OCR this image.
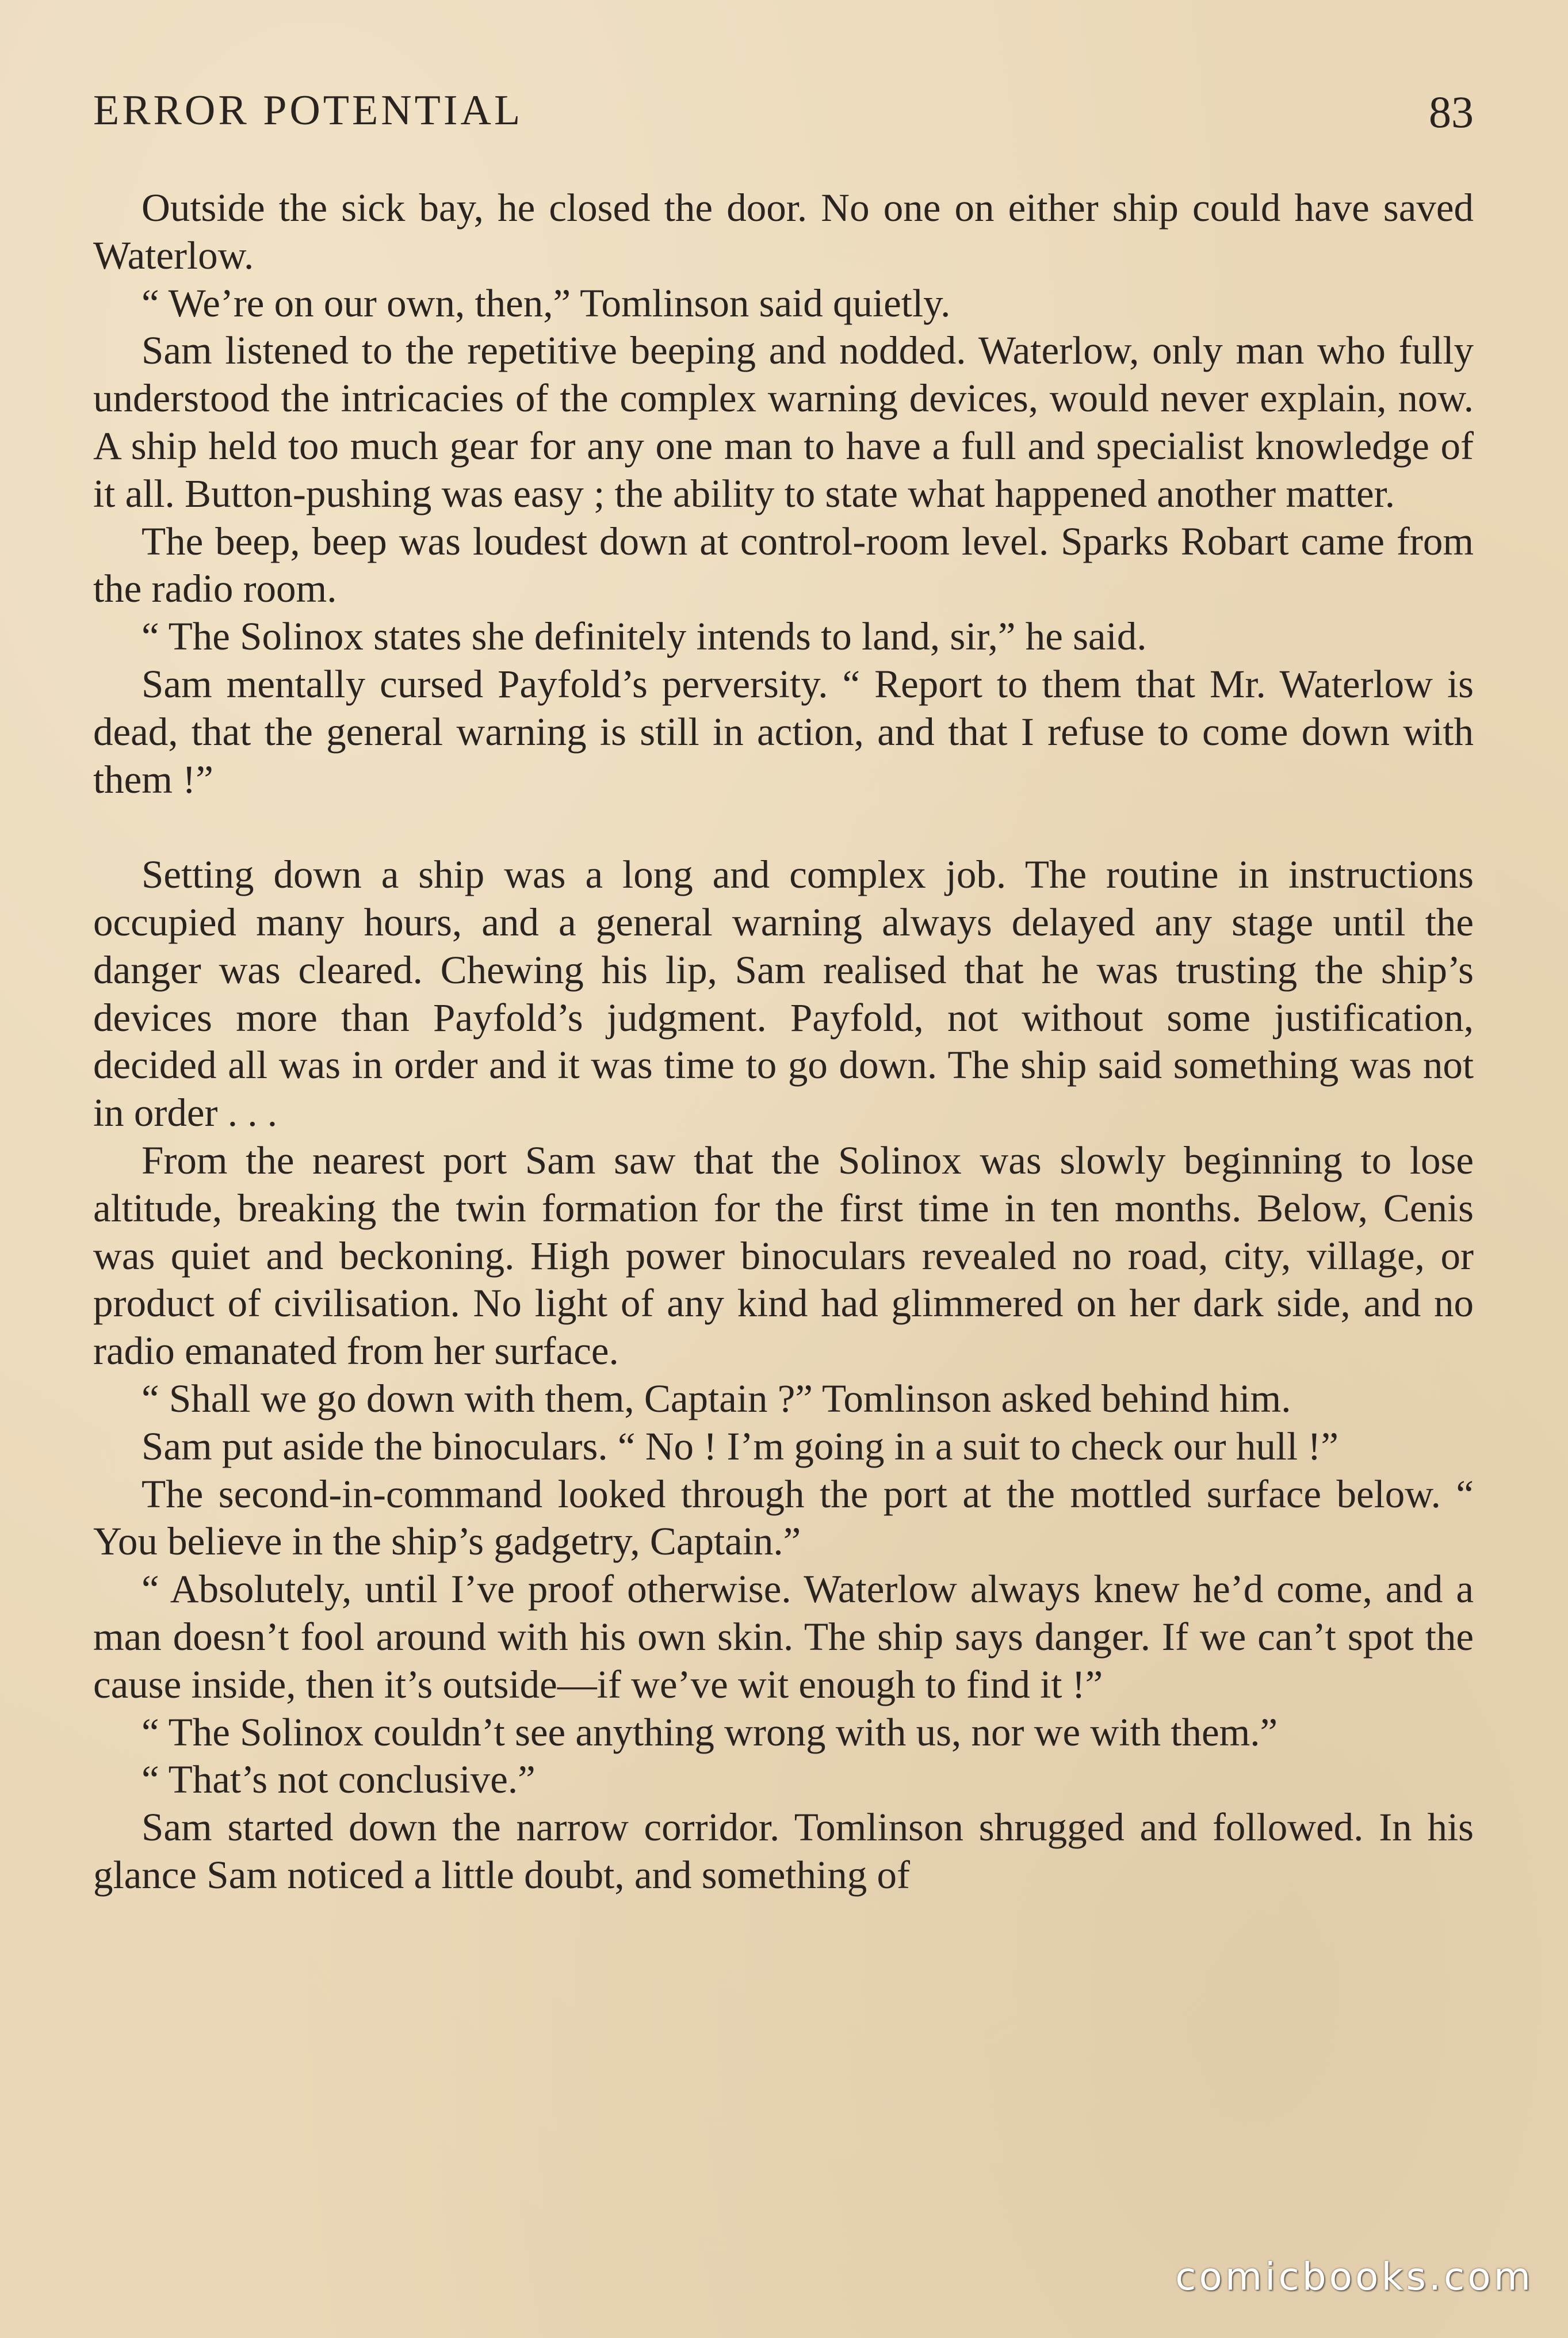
ERROR POTENTIAL	83

Outside the sick bay, he closed the door. No one on either ship could have saved Waterlow.

“ We’re on our own, then,” Tomlinson said quietly.

Sam listened to the repetitive beeping and nodded. Waterlow, only man who fully understood the intricacies of the complex warning devices, would never explain, now. A ship held too much gear for any one man to have a full and specialist knowledge of it all. Button-pushing was easy ; the ability to state what happened another matter.

The beep, beep was loudest down at control-room level. Sparks Robart came from the radio room.

“ The Solinox states she definitely intends to land, sir,” he said.

Sam mentally cursed Payfold’s perversity. “ Report to them that Mr. Waterlow is dead, that the general warning is still in action, and that I refuse to come down with them !”

Setting down a ship was a long and complex job. The routine in instructions occupied many hours, and a general warning always delayed any stage until the danger was cleared. Chewing his lip, Sam realised that he was trusting the ship’s devices more than Payfold’s judgment. Payfold, not without some justification, decided all was in order and it was time to go down. The ship said something was not in order . . .

From the nearest port Sam saw that the Solinox was slowly beginning to lose altitude, breaking the twin formation for the first time in ten months. Below, Cenis was quiet and beckoning. High power binoculars revealed no road, city, village, or product of civilisation. No light of any kind had glimmered on her dark side, and no radio emanated from her surface.

“ Shall we go down with them, Captain ?” Tomlinson asked behind him.

Sam put aside the binoculars. “ No ! I’m going in a suit to check our hull !”

The second-in-command looked through the port at the mottled surface below. “ You believe in the ship’s gadgetry, Captain.”

“ Absolutely, until I’ve proof otherwise. Waterlow always knew he’d come, and a man doesn’t fool around with his own skin. The ship says danger. If we can’t spot the cause inside, then it’s outside—if we’ve wit enough to find it !”

“ The Solinox couldn’t see anything wrong with us, nor we with them.”

“ That’s not conclusive.”

Sam started down the narrow corridor. Tomlinson shrugged and followed. In his glance Sam noticed a little doubt, and something of

comicbooks.com
